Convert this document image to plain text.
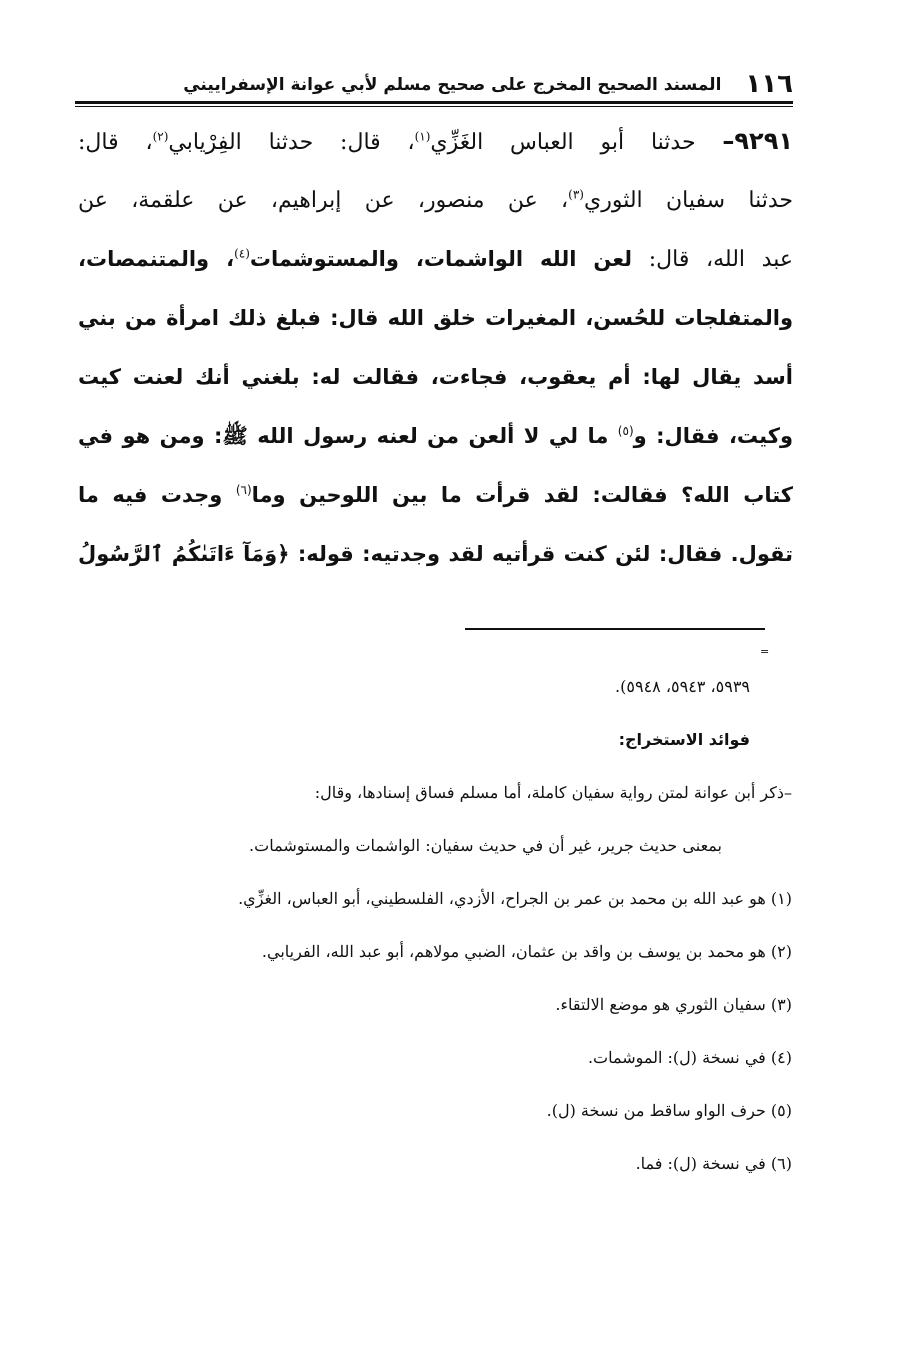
١١٦
المسند الصحيح المخرج على صحيح مسلم لأبي عوانة الإسفراييني
٩٢٩١– حدثنا أبو العباس الغَزِّي$^{(١)}$، قال: حدثنا الفِرْيابي$^{(٢)}$، قال:
حدثنا سفيان الثوري$^{(٣)}$، عن منصور، عن إبراهيم، عن علقمة، عن
عبد الله، قال: لعن الله الواشمات، والمستوشمات$^{(٤)}$، والمتنمصات،
والمتفلجات للحُسن، المغيرات خلق الله قال: فبلغ ذلك امرأة من بني
أسد يقال لها: أم يعقوب، فجاءت، فقالت له: بلغني أنك لعنت كيت
وكيت، فقال: و$^{(٥)}$ ما لي لا ألعن من لعنه رسول الله ﷺ: ومن هو في
كتاب الله؟ فقالت: لقد قرأت ما بين اللوحين وما$^{(٦)}$ وجدت فيه ما
تقول. فقال: لئن كنت قرأتيه لقد وجدتيه: قوله: ﴿وَمَآ ءَاتَىٰكُمُ ٱلرَّسُولُ
=
٥٩٣٩، ٥٩٤٣، ٥٩٤٨).
فوائد الاستخراج:
–ذكر أبن عوانة لمتن رواية سفيان كاملة، أما مسلم فساق إسنادها، وقال:
بمعنى حديث جرير، غير أن في حديث سفيان: الواشمات والمستوشمات.
(١) هو عبد الله بن محمد بن عمر بن الجراح، الأزدي، الفلسطيني، أبو العباس، الغزِّي.
(٢) هو محمد بن يوسف بن واقد بن عثمان، الضبي مولاهم، أبو عبد الله، الفريابي.
(٣) سفيان الثوري هو موضع الالتقاء.
(٤) في نسخة (ل): الموشمات.
(٥) حرف الواو ساقط من نسخة (ل).
(٦) في نسخة (ل): فما.
